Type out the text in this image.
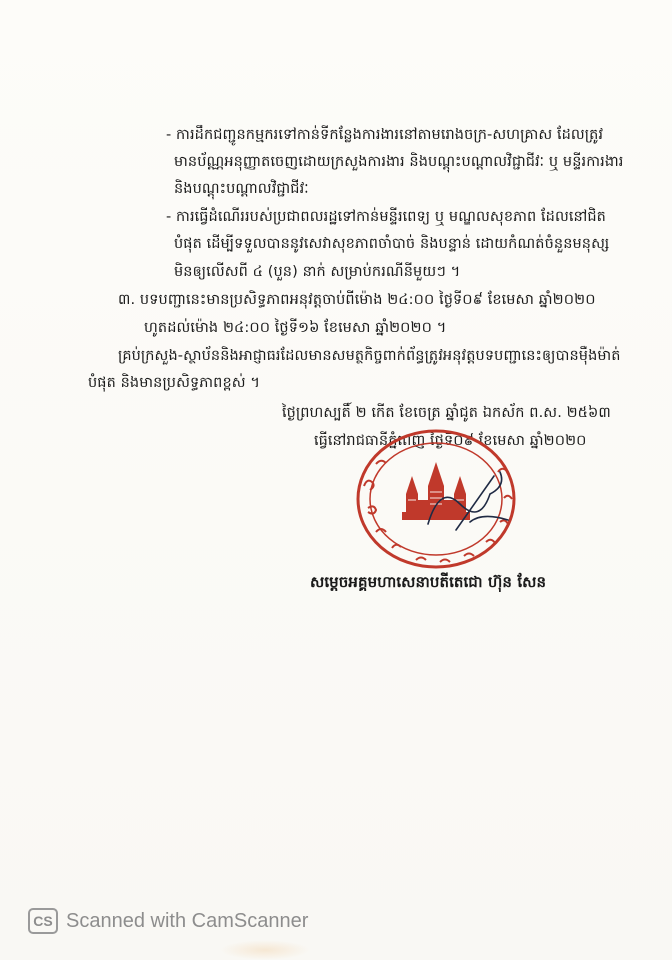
- ការដឹកជញ្ជូនកម្មករទៅកាន់ទីកន្លែងការងារនៅតាមរោងចក្រ-សហគ្រាស ដែលត្រូវ
មានប័ណ្ណអនុញ្ញាតចេញដោយក្រសួងការងារ និងបណ្តុះបណ្តាលវិជ្ជាជីវៈ ឬ មន្ទីរការងារ
និងបណ្តុះបណ្តាលវិជ្ជាជីវៈ
- ការធ្វើដំណើររបស់ប្រជាពលរដ្ឋទៅកាន់មន្ទីរពេទ្យ ឬ មណ្ឌលសុខភាព ដែលនៅជិត
បំផុត ដើម្បីទទួលបាននូវសេវាសុខភាពចាំបាច់ និងបន្ទាន់ ដោយកំណត់ចំនួនមនុស្ស
មិនឲ្យលើសពី ៤ (បួន) នាក់ សម្រាប់ករណីនីមួយៗ ។
៣. បទបញ្ជានេះមានប្រសិទ្ធភាពអនុវត្តចាប់ពីម៉ោង ២៤:០០ ថ្ងៃទី០៩ ខែមេសា ឆ្នាំ២០២០
ហូតដល់ម៉ោង ២៤:០០ ថ្ងៃទី១៦ ខែមេសា ឆ្នាំ២០២០ ។
គ្រប់ក្រសួង-ស្ថាប័ននិងអាជ្ញាធរដែលមានសមត្ថកិច្ចពាក់ព័ន្ធត្រូវអនុវត្តបទបញ្ជានេះឲ្យបានម៉ឺងម៉ាត់
បំផុត និងមានប្រសិទ្ធភាពខ្ពស់ ។
ថ្ងៃព្រហស្បតិ៍ ២ កើត ខែចេត្រ ឆ្នាំជូត ឯកស័ក ព.ស. ២៥៦៣
ធ្វើនៅរាជធានីភ្នំពេញ ថ្ងៃទី០៩ ខែមេសា ឆ្នាំ២០២០
សម្តេចអគ្គមហាសេនាបតីតេជោ ហ៊ុន សែន
CS Scanned with CamScanner
